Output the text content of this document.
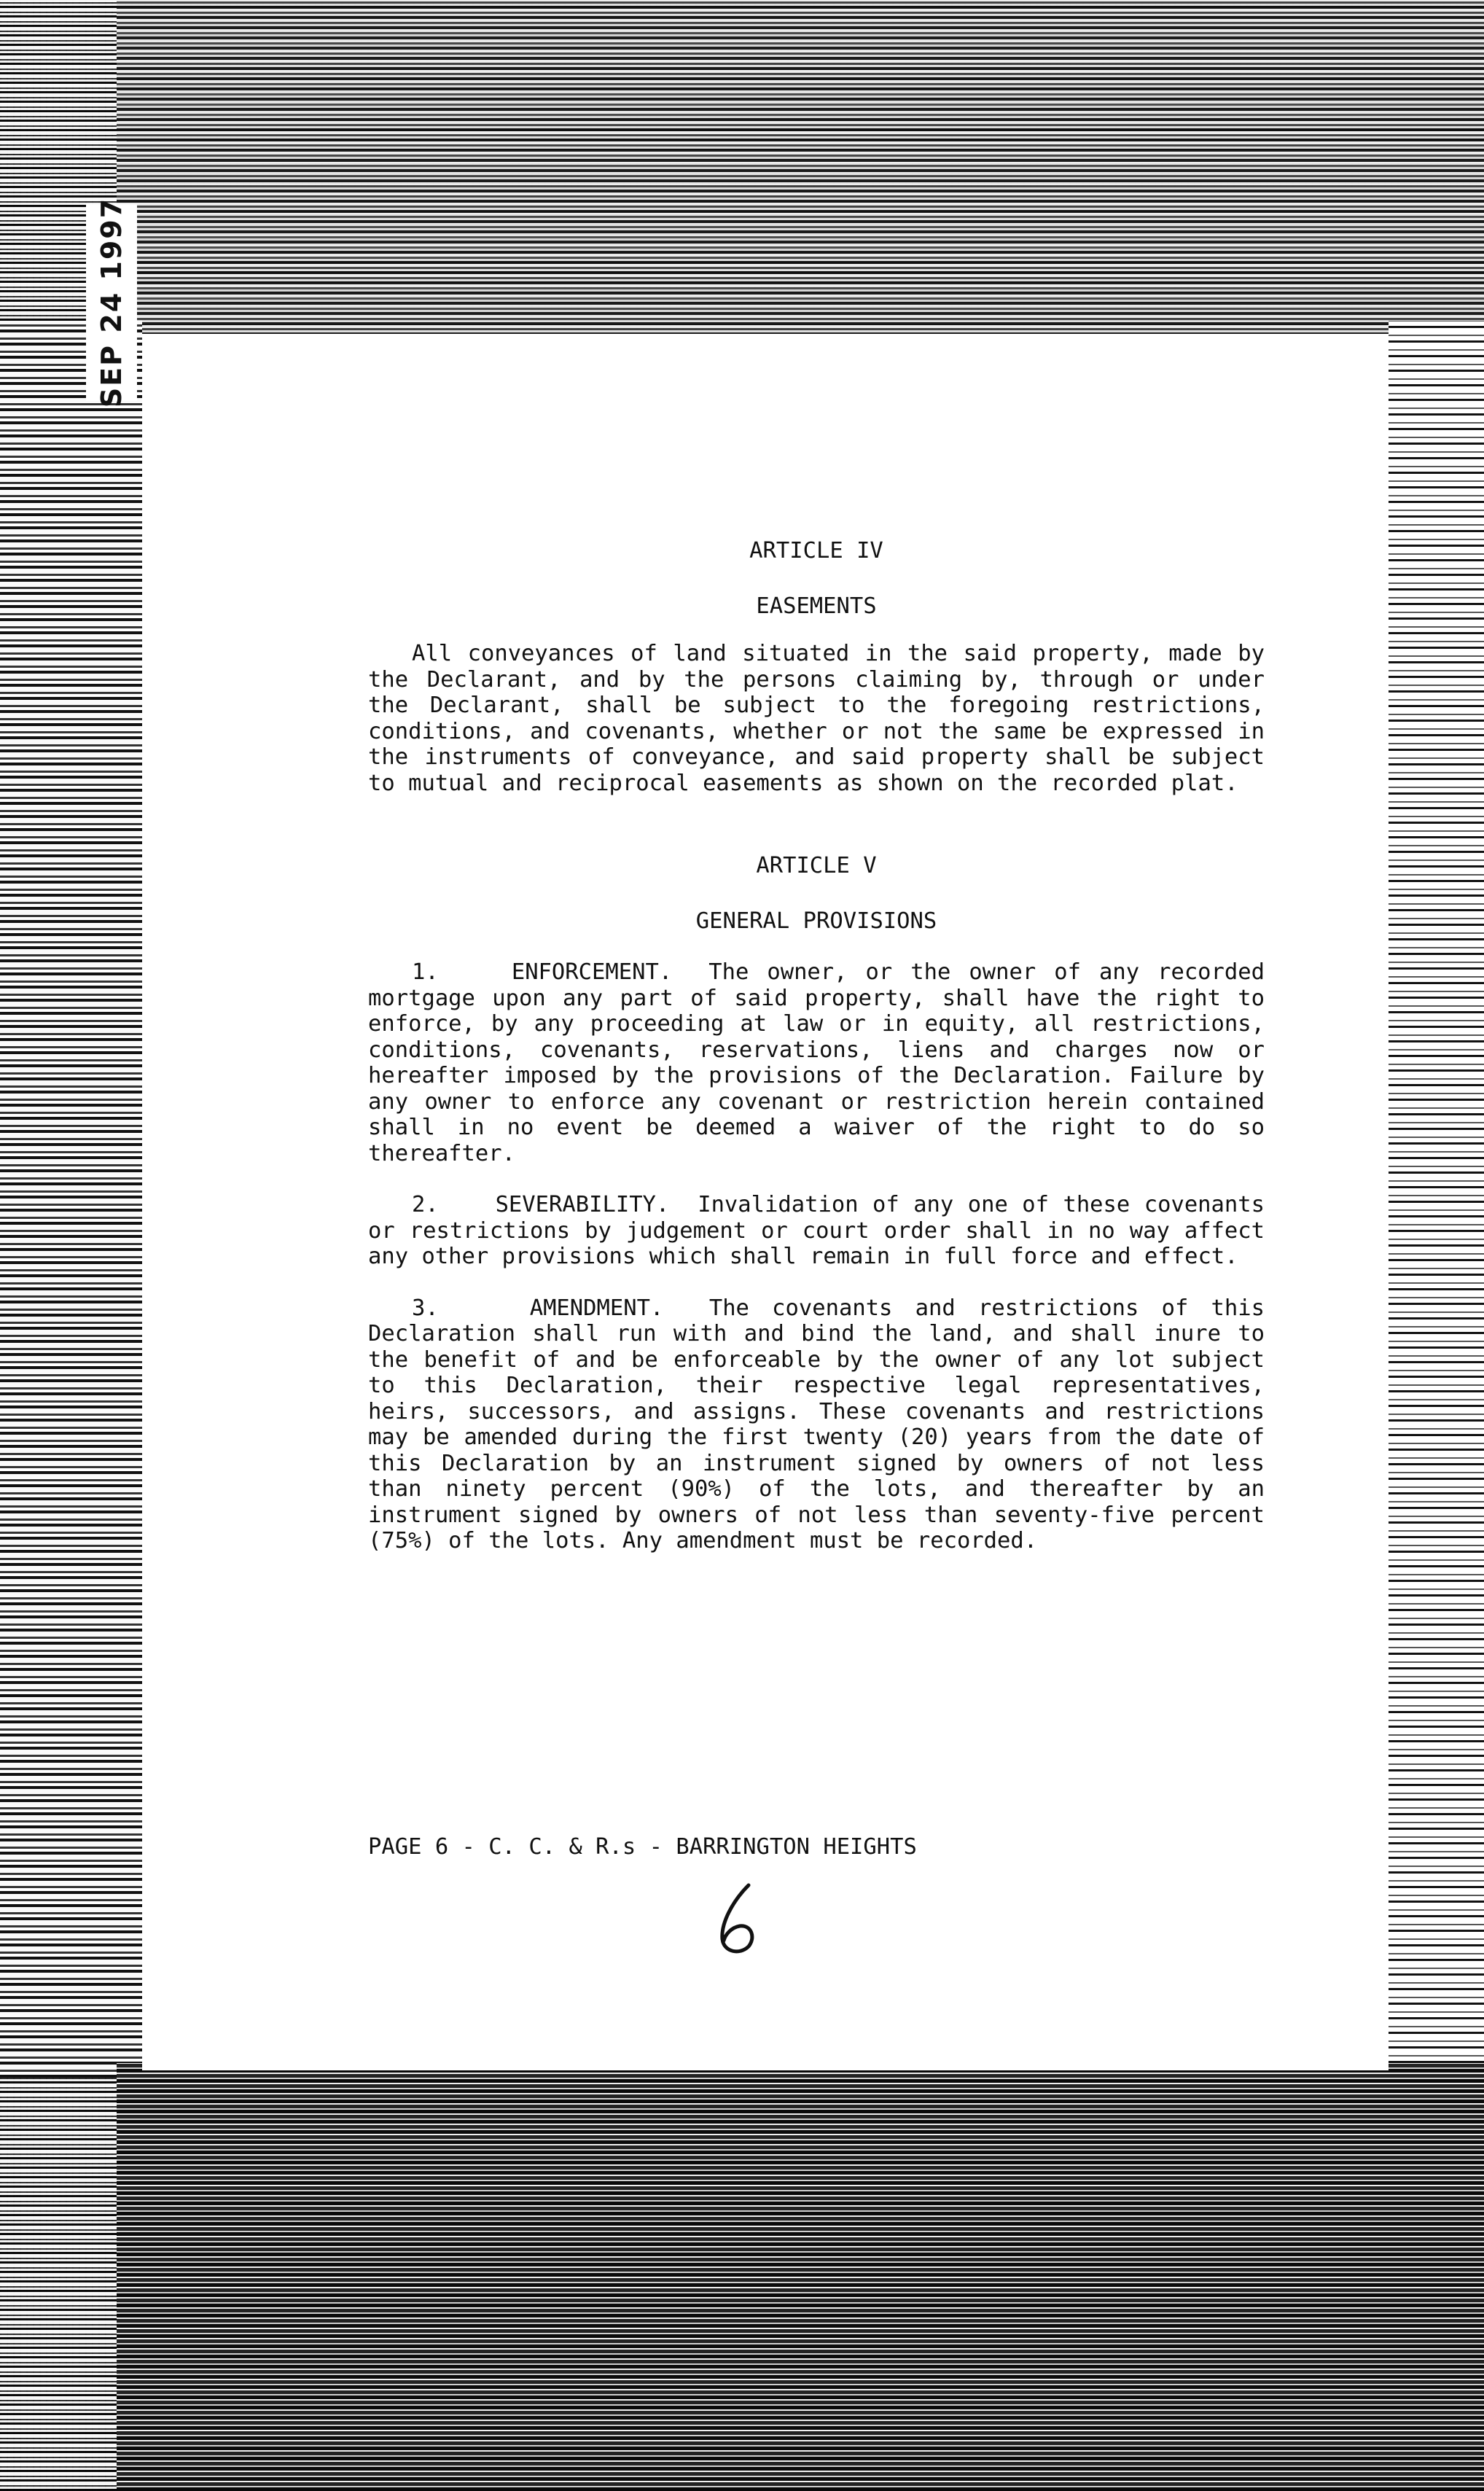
SEP 24 1997

ARTICLE IV

EASEMENTS

All conveyances of land situated in the said property, made by the Declarant, and by the persons claiming by, through or under the Declarant, shall be subject to the foregoing restrictions, conditions, and covenants, whether or not the same be expressed in the instruments of conveyance, and said property shall be subject to mutual and reciprocal easements as shown on the recorded plat.

ARTICLE V

GENERAL PROVISIONS

1.	ENFORCEMENT. The owner, or the owner of any recorded mortgage upon any part of said property, shall have the right to enforce, by any proceeding at law or in equity, all restrictions, conditions, covenants, reservations, liens and charges now or hereafter imposed by the provisions of the Declaration. Failure by any owner to enforce any covenant or restriction herein contained shall in no event be deemed a waiver of the right to do so thereafter.

2.	SEVERABILITY. Invalidation of any one of these covenants or restrictions by judgement or court order shall in no way affect any other provisions which shall remain in full force and effect.

3.	AMENDMENT. The covenants and restrictions of this Declaration shall run with and bind the land, and shall inure to the benefit of and be enforceable by the owner of any lot subject to this Declaration, their respective legal representatives, heirs, successors, and assigns. These covenants and restrictions may be amended during the first twenty (20) years from the date of this Declaration by an instrument signed by owners of not less than ninety percent (90%) of the lots, and thereafter by an instrument signed by owners of not less than seventy-five percent (75%) of the lots. Any amendment must be recorded.

PAGE 6 - C. C. & R.s - BARRINGTON HEIGHTS
